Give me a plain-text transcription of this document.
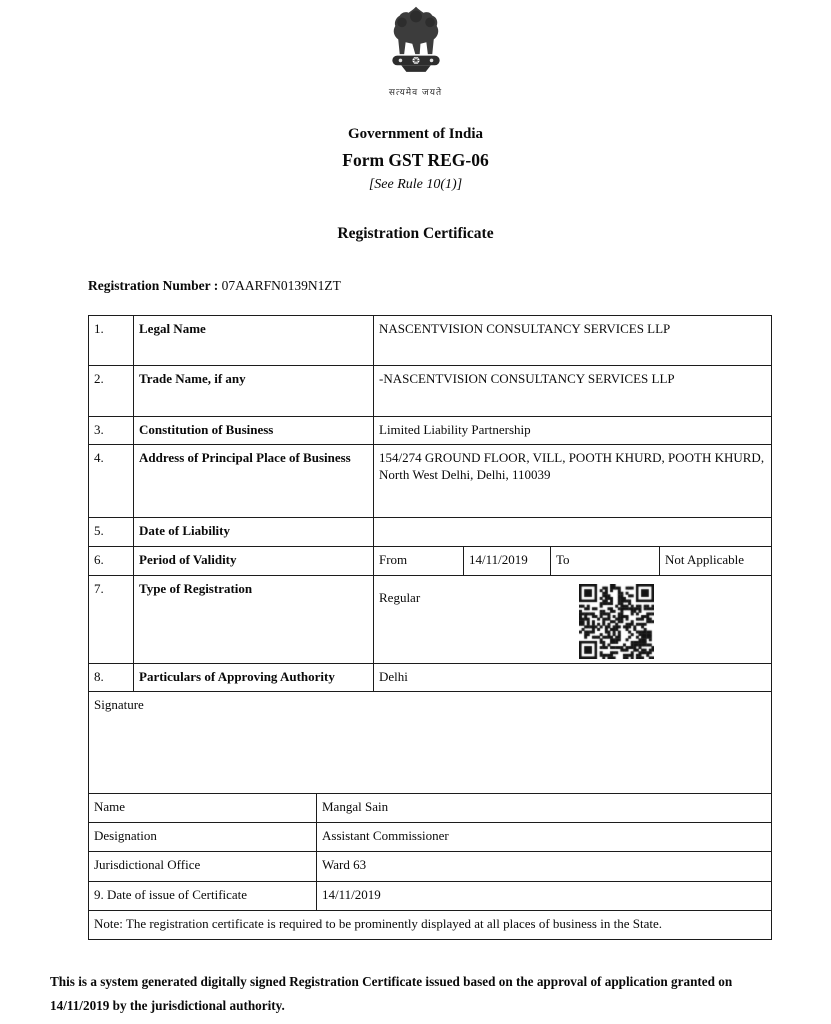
सत्यमेव जयते
Government of India
Form GST REG-06
[See Rule 10(1)]
Registration Certificate
Registration Number : 07AARFN0139N1ZT
1.	Legal Name	NASCENTVISION CONSULTANCY SERVICES LLP			
2.	Trade Name, if any	-NASCENTVISION CONSULTANCY SERVICES LLP			
3.	Constitution of Business	Limited Liability Partnership			
4.	Address of Principal Place of Business	154/274 GROUND FLOOR, VILL, POOTH KHURD, POOTH KHURD, North West Delhi, Delhi, 110039			
5.	Date of Liability				
6.	Period of Validity	From	14/11/2019	To	Not Applicable
7.	Type of Registration	Regular			

8.	Particulars of Approving Authority	Delhi			
Signature					
Name	Mangal Sain
Designation	Assistant Commissioner
Jurisdictional Office	Ward 63
9. Date of issue of Certificate	14/11/2019
Note: The registration certificate is required to be prominently displayed at all places of business in the State.	
This is a system generated digitally signed Registration Certificate issued based on the approval of application granted on 14/11/2019 by the jurisdictional authority.
